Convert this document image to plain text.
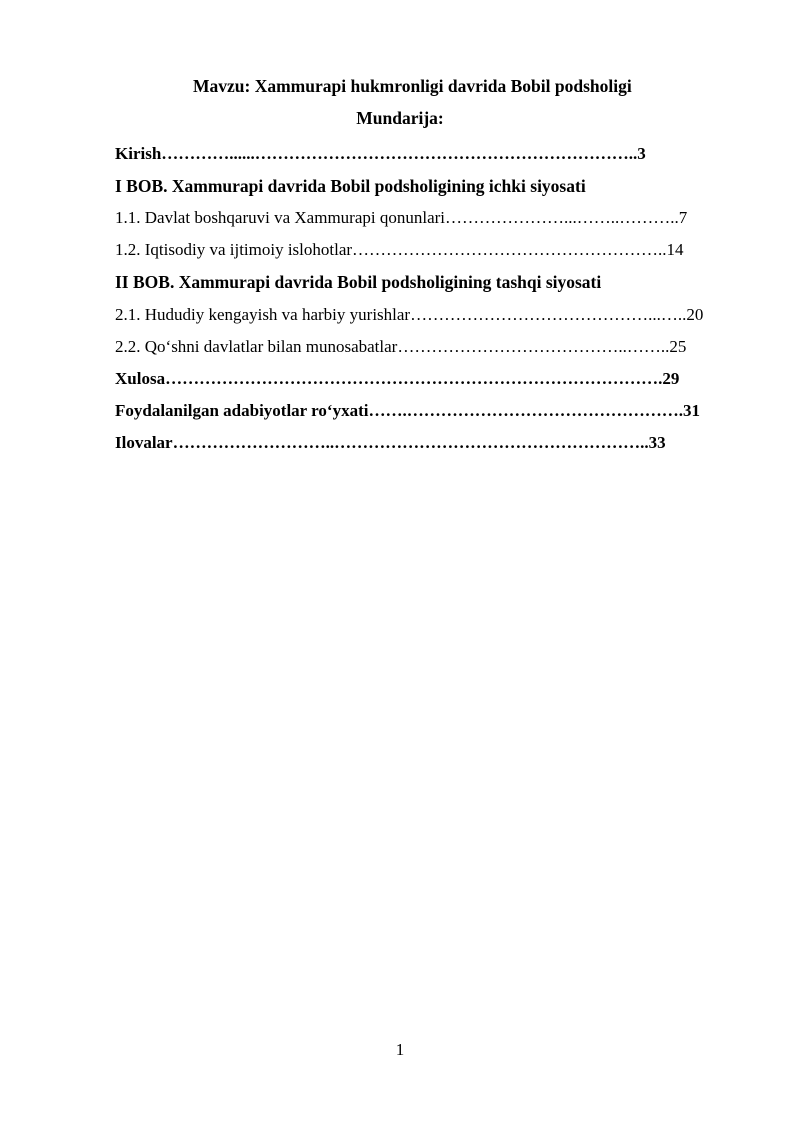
Mavzu: Xammurapi hukmronligi davrida Bobil podsholigi

Mundarija:

Kirish…………......…………………………………………………………..3
I BOB. Xammurapi davrida Bobil podsholigining ichki siyosati
1.1. Davlat boshqaruvi va Xammurapi qonunlari…………………...……..………..7
1.2. Iqtisodiy va ijtimoiy islohotlar………………………………………………..14
II BOB. Xammurapi davrida Bobil podsholigining tashqi siyosati
2.1. Hududiy kengayish va harbiy yurishlar……………………………………...…..20
2.2. Qo‘shni davlatlar bilan munosabatlar…………………………………..……..25
Xulosa…………………………………………………………………………….29
Foydalanilgan adabiyotlar ro‘yxati…….………………………………………….31
Ilovalar………………………..………………………………………………..33
1
